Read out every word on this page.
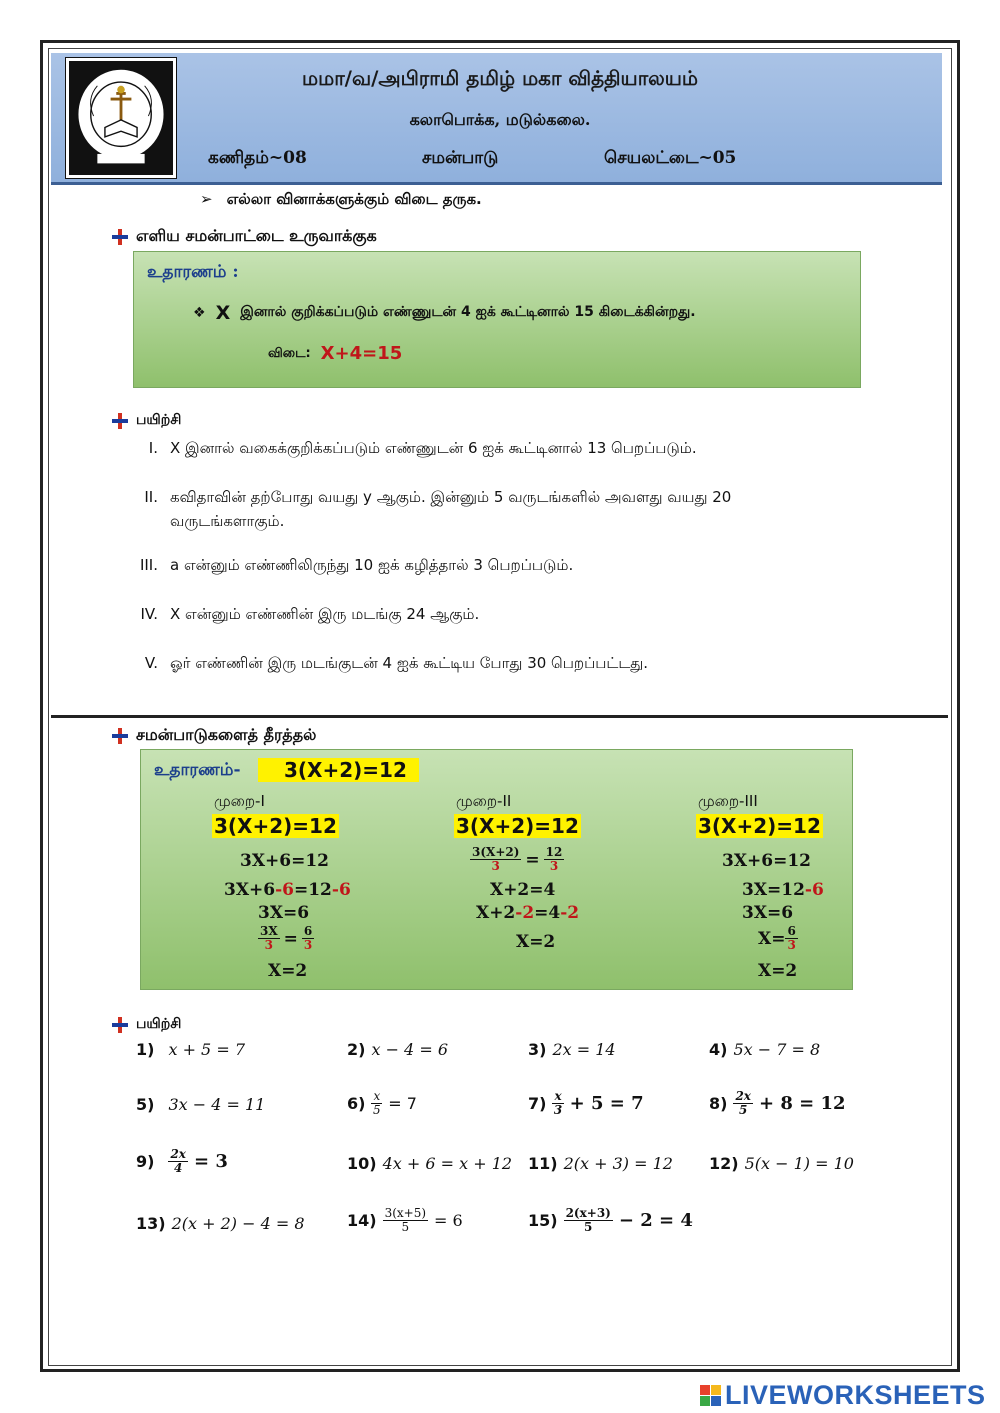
மமா/வ/அபிராமி தமிழ் மகா வித்தியாலயம்
கலாபொக்க, மடுல்கலை.
கணிதம்~08	சமன்பாடு	செயலட்டை~05
➢ எல்லா வினாக்களுக்கும் விடை தருக.
எளிய சமன்பாட்டை உருவாக்குக
உதாரணம் :
❖ X இனால் குறிக்கப்படும் எண்ணுடன் 4 ஐக் கூட்டினால் 15 கிடைக்கின்றது.
விடை: X+4=15
பயிற்சி
I. X இனால் வகைக்குறிக்கப்படும் எண்ணுடன் 6 ஐக் கூட்டினால் 13 பெறப்படும்.
II. கவிதாவின் தற்போது வயது y ஆகும். இன்னும் 5 வருடங்களில் அவளது வயது 20
வருடங்களாகும்.
III. a என்னும் எண்ணிலிருந்து 10 ஐக் கழித்தால் 3 பெறப்படும்.
IV. X என்னும் எண்ணின் இரு மடங்கு 24 ஆகும்.
V. ஓர் எண்ணின் இரு மடங்குடன் 4 ஐக் கூட்டிய போது 30 பெறப்பட்டது.
சமன்பாடுகளைத் தீரத்தல்
உதாரணம்-	3(X+2)=12
முறை-I
3(X+2)=12
3X+6=12
3X+6-6=12-6
3X=6
$\frac{3X}{3} = \frac{6}{3}$
X=2
முறை-II
3(X+2)=12
$\frac{3(X+2)}{3} = \frac{12}{3}$
X+2=4
X+2-2=4-2
X=2
முறை-III
3(X+2)=12
3X+6=12
3X=12-6
3X=6
$X= \frac{6}{3}$
X=2
பயிற்சி
1) x + 5 = 7	2) x − 4 = 6	3) 2x = 14	4) 5x − 7 = 8
5) 3x − 4 = 11	$6) \frac{x}{5} = 7$	$7) \frac{x}{3} + 5 = 7$	$8) \frac{2x}{5} + 8 = 12$
$9) \frac{2x}{4} = 3$	10) 4x + 6 = x + 12 11) 2(x + 3) = 12 12) 5(x − 1) = 10
13) 2(x + 2) − 4 = 8	$14) \frac{3(x+5)}{5} = 6$	$15) \frac{2(x+3)}{5} - 2 = 4$
LIVEWORKSHEETS
